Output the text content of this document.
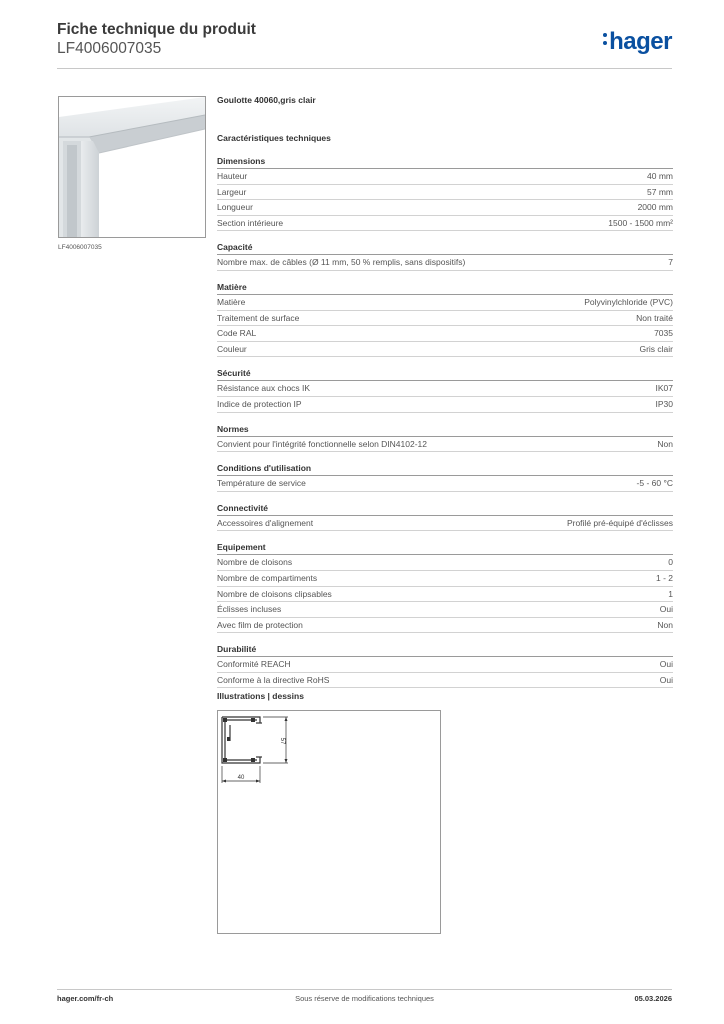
Fiche technique du produit

LF4006007035	hager
LF4006007035

Goulotte 40060,gris clair

Caractéristiques techniques

Dimensions
Hauteur	40 mm
Largeur	57 mm
Longueur	2000 mm
Section intérieure	1500 - 1500 mm²
Capacité
Nombre max. de câbles (Ø 11 mm, 50 % remplis, sans dispositifs)	7
Matière
Matière	Polyvinylchloride (PVC)
Traitement de surface	Non traité
Code RAL	7035
Couleur	Gris clair
Sécurité
Résistance aux chocs IK	IK07
Indice de protection IP	IP30
Normes
Convient pour l'intégrité fonctionnelle selon DIN4102-12	Non
Conditions d'utilisation
Température de service	-5 - 60 °C
Connectivité
Accessoires d'alignement	Profilé pré-équipé d'éclisses
Equipement
Nombre de cloisons	0
Nombre de compartiments	1 - 2
Nombre de cloisons clipsables	1
Éclisses incluses	Oui
Avec film de protection	Non
Durabilité
Conformité REACH	Oui
Conforme à la directive RoHS	Oui
Illustrations | dessins
40
57
hager.com/fr-ch	Sous réserve de modifications techniques	05.03.2026
